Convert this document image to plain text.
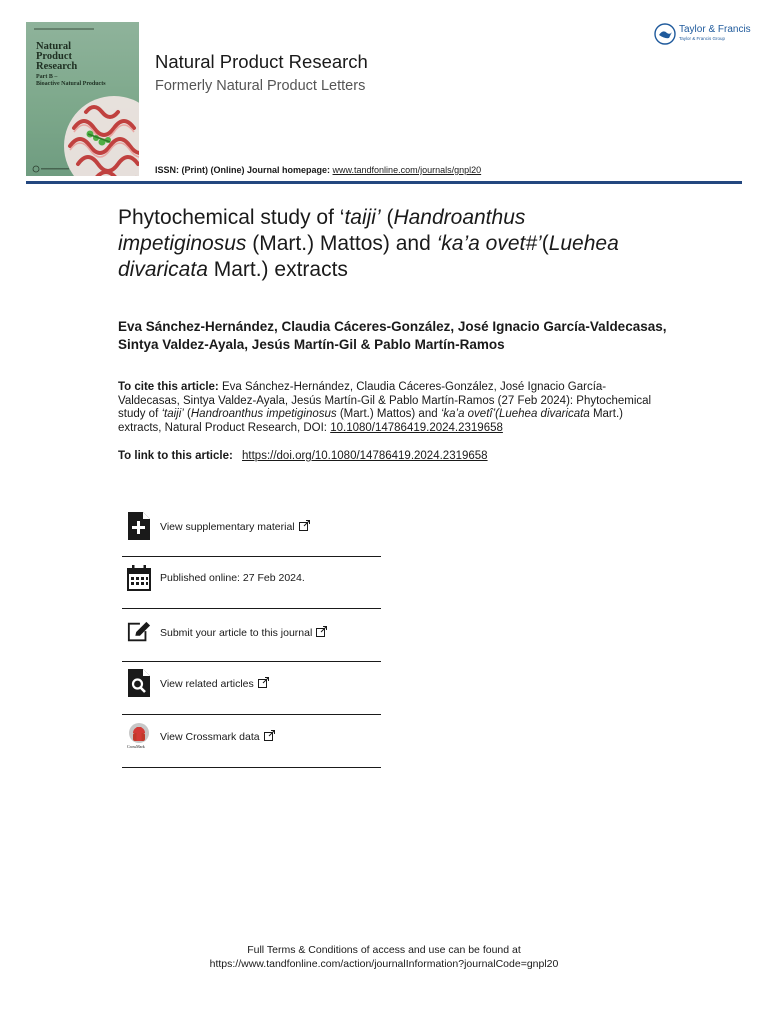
Natural
Product
Research
Part B –
Bioactive Natural Products
Natural Product Research
Formerly Natural Product Letters
ISSN: (Print) (Online) Journal homepage: www.tandfonline.com/journals/gnpl20
Taylor & Francis
Taylor & Francis Group
Phytochemical study of ‘taiji’ (Handroanthus impetiginosus (Mart.) Mattos) and ‘ka’a ovet#’(Luehea divaricata Mart.) extracts
Eva Sánchez-Hernández, Claudia Cáceres-González, José Ignacio García-Valdecasas, Sintya Valdez-Ayala, Jesús Martín-Gil & Pablo Martín-Ramos
To cite this article: Eva Sánchez-Hernández, Claudia Cáceres-González, José Ignacio García-Valdecasas, Sintya Valdez-Ayala, Jesús Martín-Gil & Pablo Martín-Ramos (27 Feb 2024): Phytochemical study of ‘taiji’ (Handroanthus impetiginosus (Mart.) Mattos) and ‘ka’a ovetî’(Luehea divaricata Mart.) extracts, Natural Product Research, DOI: 10.1080/14786419.2024.2319658
To link to this article: https://doi.org/10.1080/14786419.2024.2319658
View supplementary material
Published online: 27 Feb 2024.
Submit your article to this journal
View related articles
CrossMark
View Crossmark data
Full Terms & Conditions of access and use can be found at
https://www.tandfonline.com/action/journalInformation?journalCode=gnpl20
